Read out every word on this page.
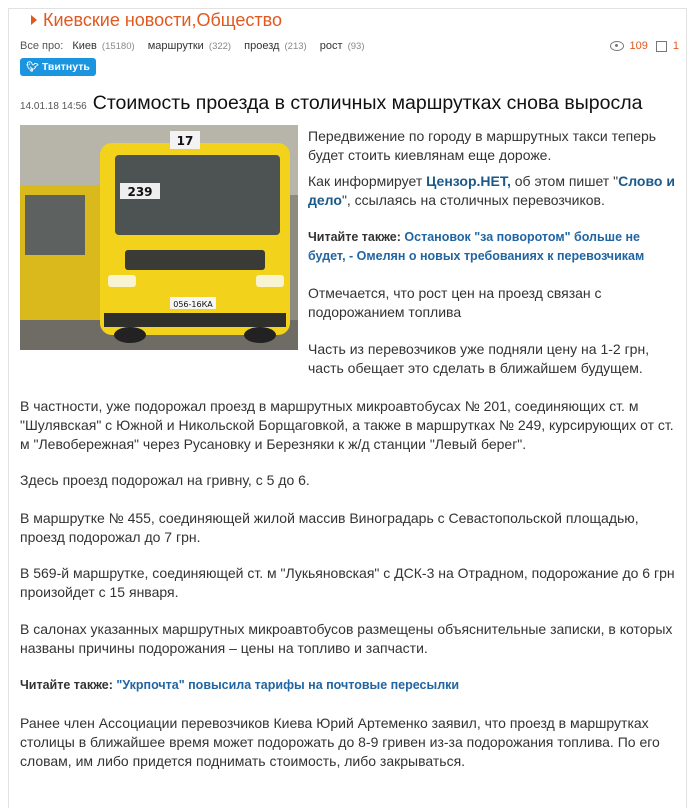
Киевские новости , Общество
Все про: Киев (15180) маршрутки (322) проезд (213) рост (93)	109 1
🐦︎ Твитнуть
14.01.18 14:56 Стоимость проезда в столичных маршрутках снова выросла
239
17
056-16КА

Передвижение по городу в маршрутных такси теперь будет стоить киевлянам еще дороже.

Как информирует Цензор.НЕТ, об этом пишет "Слово и дело", ссылаясь на столичных перевозчиков.

Читайте также: Остановок "за поворотом" больше не будет, - Омелян о новых требованиях к перевозчикам

Отмечается, что рост цен на проезд связан с подорожанием топлива

Часть из перевозчиков уже подняли цену на 1-2 грн, часть обещает это сделать в ближайшем будущем.

В частности, уже подорожал проезд в маршрутных микроавтобусах № 201, соединяющих ст. м "Шулявская" с Южной и Никольской Борщаговкой, а также в маршрутках № 249, курсирующих от ст. м "Левобережная" через Русановку и Березняки к ж/д станции "Левый берег".

Здесь проезд подорожал на гривну, с 5 до 6.

В маршрутке № 455, соединяющей жилой массив Виноградарь с Севастопольской площадью, проезд подорожал до 7 грн.

В 569-й маршрутке, соединяющей ст. м "Лукьяновская" с ДСК-3 на Отрадном, подорожание до 6 грн произойдет с 15 января.

В салонах указанных маршрутных микроавтобусов размещены объяснительные записки, в которых названы причины подорожания – цены на топливо и запчасти.

Читайте также: "Укрпочта" повысила тарифы на почтовые пересылки

Ранее член Ассоциации перевозчиков Киева Юрий Артеменко заявил, что проезд в маршрутках столицы в ближайшее время может подорожать до 8-9 гривен из-за подорожания топлива. По его словам, им либо придется поднимать стоимость, либо закрываться.
